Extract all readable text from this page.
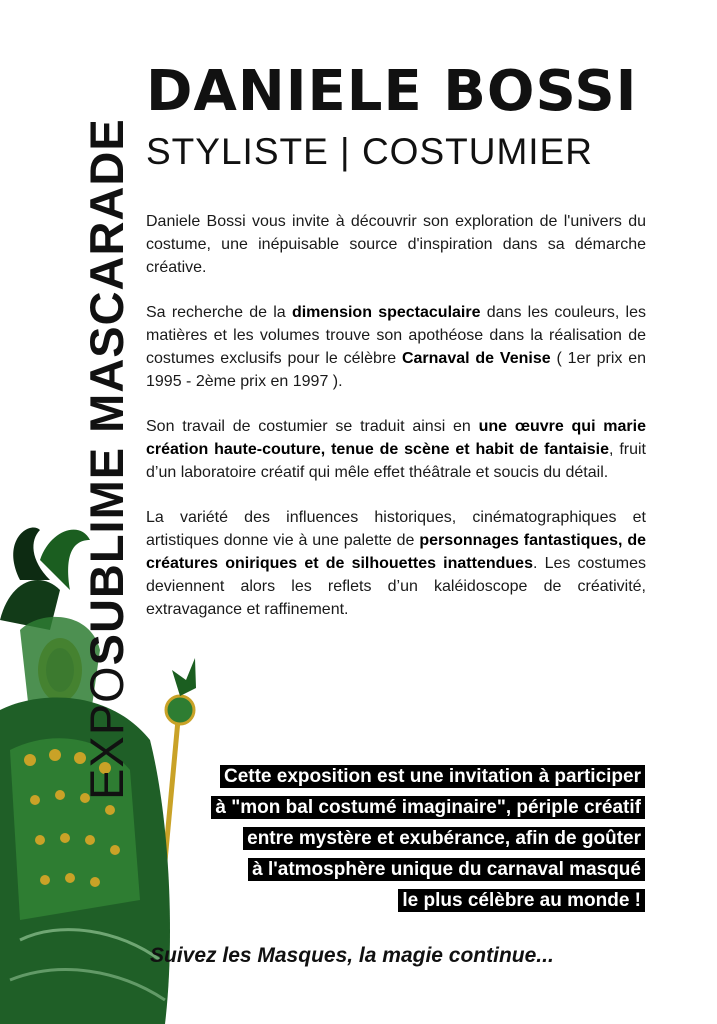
EXPOSUBLIME MASCARADE
DANIELE BOSSI
STYLISTE | COSTUMIER

Daniele Bossi vous invite à découvrir son exploration de l'univers du costume, une inépuisable source d'inspiration dans sa démarche créative.

Sa recherche de la dimension spectaculaire dans les couleurs, les matières et les volumes trouve son apothéose dans la réalisation de costumes exclusifs pour le célèbre Carnaval de Venise ( 1er prix en 1995 - 2ème prix en 1997 ).

Son travail de costumier se traduit ainsi en une œuvre qui marie création haute-couture, tenue de scène et habit de fantaisie, fruit d’un laboratoire créatif qui mêle effet théâtrale et soucis du détail.

La variété des influences historiques, cinématographiques et artistiques donne vie à une palette de personnages fantastiques, de créatures oniriques et de silhouettes inattendues. Les costumes deviennent alors les reflets d’un kaléidoscope de créativité, extravagance et raffinement.

Cette exposition est une invitation à participer
à "mon bal costumé imaginaire", périple créatif
entre mystère et exubérance, afin de goûter
à l'atmosphère unique du carnaval masqué
le plus célèbre au monde !
Suivez les Masques, la magie continue...
